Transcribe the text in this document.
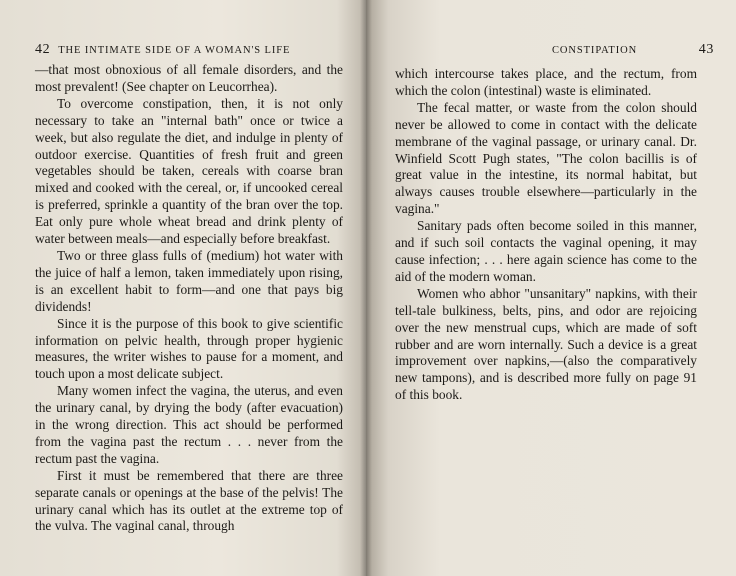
42 THE INTIMATE SIDE OF A WOMAN'S LIFE

—that most obnoxious of all female disorders, and the most prevalent! (See chapter on Leucorrhea).

To overcome constipation, then, it is not only necessary to take an "internal bath" once or twice a week, but also regulate the diet, and indulge in plenty of outdoor exercise. Quantities of fresh fruit and green vegetables should be taken, cereals with coarse bran mixed and cooked with the cereal, or, if uncooked cereal is preferred, sprinkle a quantity of the bran over the top. Eat only pure whole wheat bread and drink plenty of water between meals—and especially before breakfast.

Two or three glass fulls of (medium) hot water with the juice of half a lemon, taken immediately upon rising, is an excellent habit to form—and one that pays big dividends!

Since it is the purpose of this book to give scientific information on pelvic health, through proper hygienic measures, the writer wishes to pause for a moment, and touch upon a most delicate subject.

Many women infect the vagina, the uterus, and even the urinary canal, by drying the body (after evacuation) in the wrong direction. This act should be performed from the vagina past the rectum . . . never from the rectum past the vagina.

First it must be remembered that there are three separate canals or openings at the base of the pelvis! The urinary canal which has its outlet at the extreme top of the vulva. The vaginal canal, through

CONSTIPATION	43

which intercourse takes place, and the rectum, from which the colon (intestinal) waste is eliminated.

The fecal matter, or waste from the colon should never be allowed to come in contact with the delicate membrane of the vaginal passage, or urinary canal. Dr. Winfield Scott Pugh states, "The colon bacillis is of great value in the intestine, its normal habitat, but always causes trouble elsewhere—particularly in the vagina."

Sanitary pads often become soiled in this manner, and if such soil contacts the vaginal opening, it may cause infection; . . . here again science has come to the aid of the modern woman.

Women who abhor "unsanitary" napkins, with their tell-tale bulkiness, belts, pins, and odor are rejoicing over the new menstrual cups, which are made of soft rubber and are worn internally. Such a device is a great improvement over napkins,—(also the comparatively new tampons), and is described more fully on page 91 of this book.
